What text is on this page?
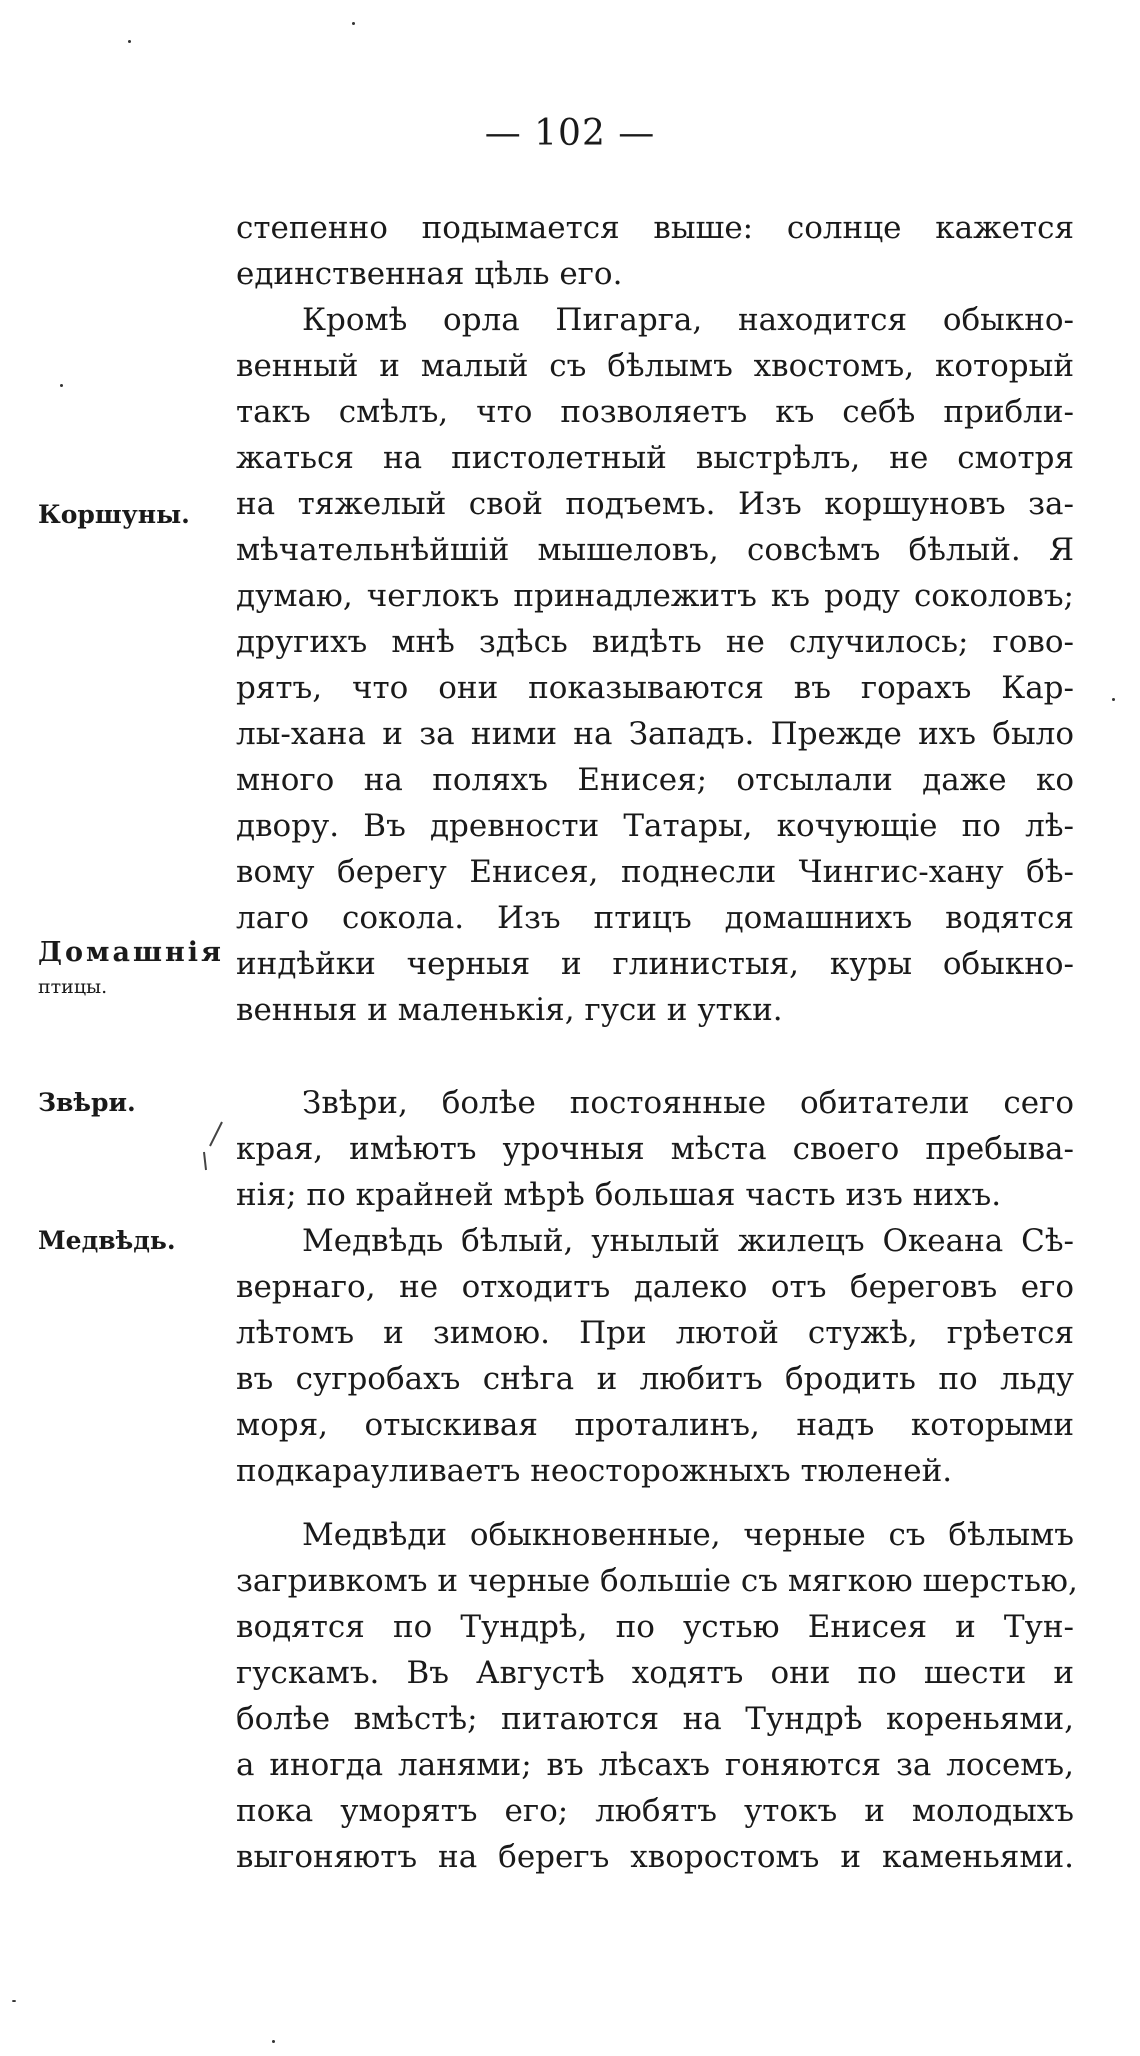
— 102 —
Коршуны.
Домашнія
птицы.
Звѣри.
Медвѣдь.
степенно подымается выше: солнце кажется
единственная цѣль его.
Кромѣ орла Пигарга, находится обыкно-
венный и малый съ бѣлымъ хвостомъ, который
такъ смѣлъ, что позволяетъ къ себѣ прибли-
жаться на пистолетный выстрѣлъ, не смотря
на тяжелый свой подъемъ. Изъ коршуновъ за-
мѣчательнѣйшій мышеловъ, совсѣмъ бѣлый. Я
думаю, чеглокъ принадлежитъ къ роду соколовъ;
другихъ мнѣ здѣсь видѣть не случилось; гово-
рятъ, что они показываются въ горахъ Кар-
лы-хана и за ними на Западъ. Прежде ихъ было
много на поляхъ Енисея; отсылали даже ко
двору. Въ древности Татары, кочующіе по лѣ-
вому берегу Енисея, поднесли Чингис-хану бѣ-
лаго сокола. Изъ птицъ домашнихъ водятся
индѣйки черныя и глинистыя, куры обыкно-
венныя и маленькія, гуси и утки.
Звѣри, болѣе постоянные обитатели сего
края, имѣютъ урочныя мѣста своего пребыва-
нія; по крайней мѣрѣ большая часть изъ нихъ.
Медвѣдь бѣлый, унылый жилецъ Океана Сѣ-
вернаго, не отходитъ далеко отъ береговъ его
лѣтомъ и зимою. При лютой стужѣ, грѣется
въ сугробахъ снѣга и любитъ бродить по льду
моря, отыскивая проталинъ, надъ которыми
подкарауливаетъ неосторожныхъ тюленей.
Медвѣди обыкновенные, черные съ бѣлымъ
загривкомъ и черные большіе съ мягкою шерстью,
водятся по Тундрѣ, по устью Енисея и Тун-
гускамъ. Въ Августѣ ходятъ они по шести и
болѣе вмѣстѣ; питаются на Тундрѣ кореньями,
а иногда ланями; въ лѣсахъ гоняются за лосемъ,
пока уморятъ его; любятъ утокъ и молодыхъ
выгоняютъ на берегъ хворостомъ и каменьями.
